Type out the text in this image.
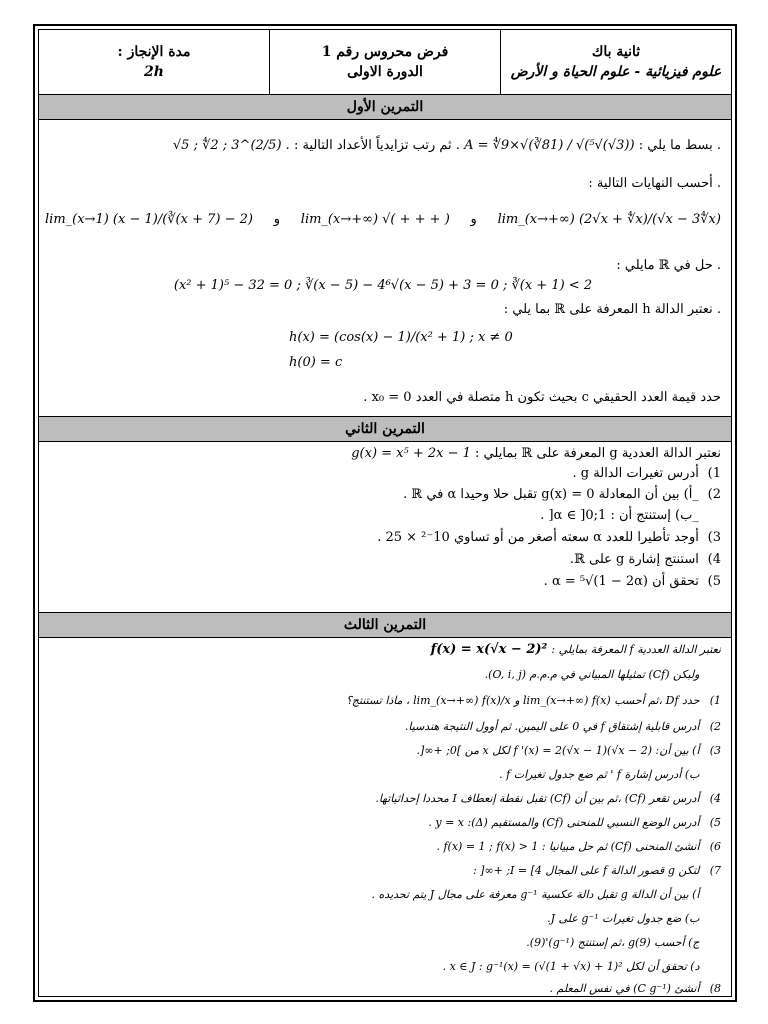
مدة الإنجاز :
2h
فرض محروس رقم 1
الدورة الاولى
ثانية باك
علوم فيزيائية - علوم الحياة و الأرض
التمرين الأول
. بسط ما يلي : A = ∜9×√(∛81) / √(⁵√(√3)) . ثم رتب تزايدياً الأعداد التالية : √5 ; ∜2 ; 3^(2/5) .
. أحسب النهايات التالية :
lim_(x→1) (x − 1)/(∛(x + 7) − 2) و lim_(x→+∞) √( + + + ) و lim_(x→+∞) (2√x + ∜x)/(√x − 3∜x)
. حل في ℝ مايلي :
(x² + 1)⁵ − 32 = 0 ; ∛(x − 5) − 4⁶√(x − 5) + 3 = 0 ; ∛(x + 1) < 2
. نعتبر الدالة h المعرفة على ℝ بما يلي :
h(x) = (cos(x) − 1)/(x² + 1) ; x ≠ 0
h(0) = c
حدد قيمة العدد الحقيقي c بحيث تكون h متصلة في العدد 0 = x₀ .
التمرين الثاني
نعتبر الدالة العددية g المعرفة على ℝ بمايلي : g(x) = x⁵ + 2x − 1
1) أدرس تغيرات الدالة g .
2) _أ) بين أن المعادلة g(x) = 0 تقبل حلا وحيدا α في ℝ .
_ب) إستنتج أن : α ∈ ]0;1[ .
3) أوجد تأطيرا للعدد α سعته أصغر من أو تساوي 10⁻² × 25 .
4) استنتج إشارة g على ℝ.
5) تحقق أن α = ⁵√(1 − 2α) .
التمرين الثالث
نعتبر الدالة العددية f المعرفة بمايلي : f(x) = x(√x − 2)²
ولبكن (Cf) تمثيلها المبياني في م.م.م (O, i, j).
1) حدد Df ،ثم أحسب lim_(x→+∞) f(x) و lim_(x→+∞) f(x)/x ، ماذا تستنتج؟
2) أدرس قابلية إشتقاق f في 0 على اليمين. ثم أوول النتيجة هندسيا.
3) أ) بين أن: f '(x) = 2(√x − 1)(√x − 2) لكل x من ]0; +∞[.
ب) أدرس إشارة f ' ثم ضع جدول تغيرات f .
4) أدرس تقعر (Cf) ،ثم بين أن (Cf) تقبل نقطة إنعطاف I محددا إحداثياتها.
5) أدرس الوضع النسبي للمنحنى (Cf) والمستقيم (Δ): y = x .
6) أنشئ المنحنى (Cf) ثم حل مبيانيا : f(x) = 1 ; f(x) > 1 .
7) لتكن g قصور الدالة f على المجال I = [4; +∞[ :
أ) بين أن الدالة g تقبل دالة عكسية g⁻¹ معرفة على مجال J يتم تحديده .
ب) ضع جدول تغيرات g⁻¹ على J.
ج) أحسب g(9) ،ثم إستنتج (g⁻¹)'(9).
د) تحقق أن لكل x ∈ J : g⁻¹(x) = (√(1 + √x) + 1)² .
8) أنشئ (C g⁻¹) في نفس المعلم .
